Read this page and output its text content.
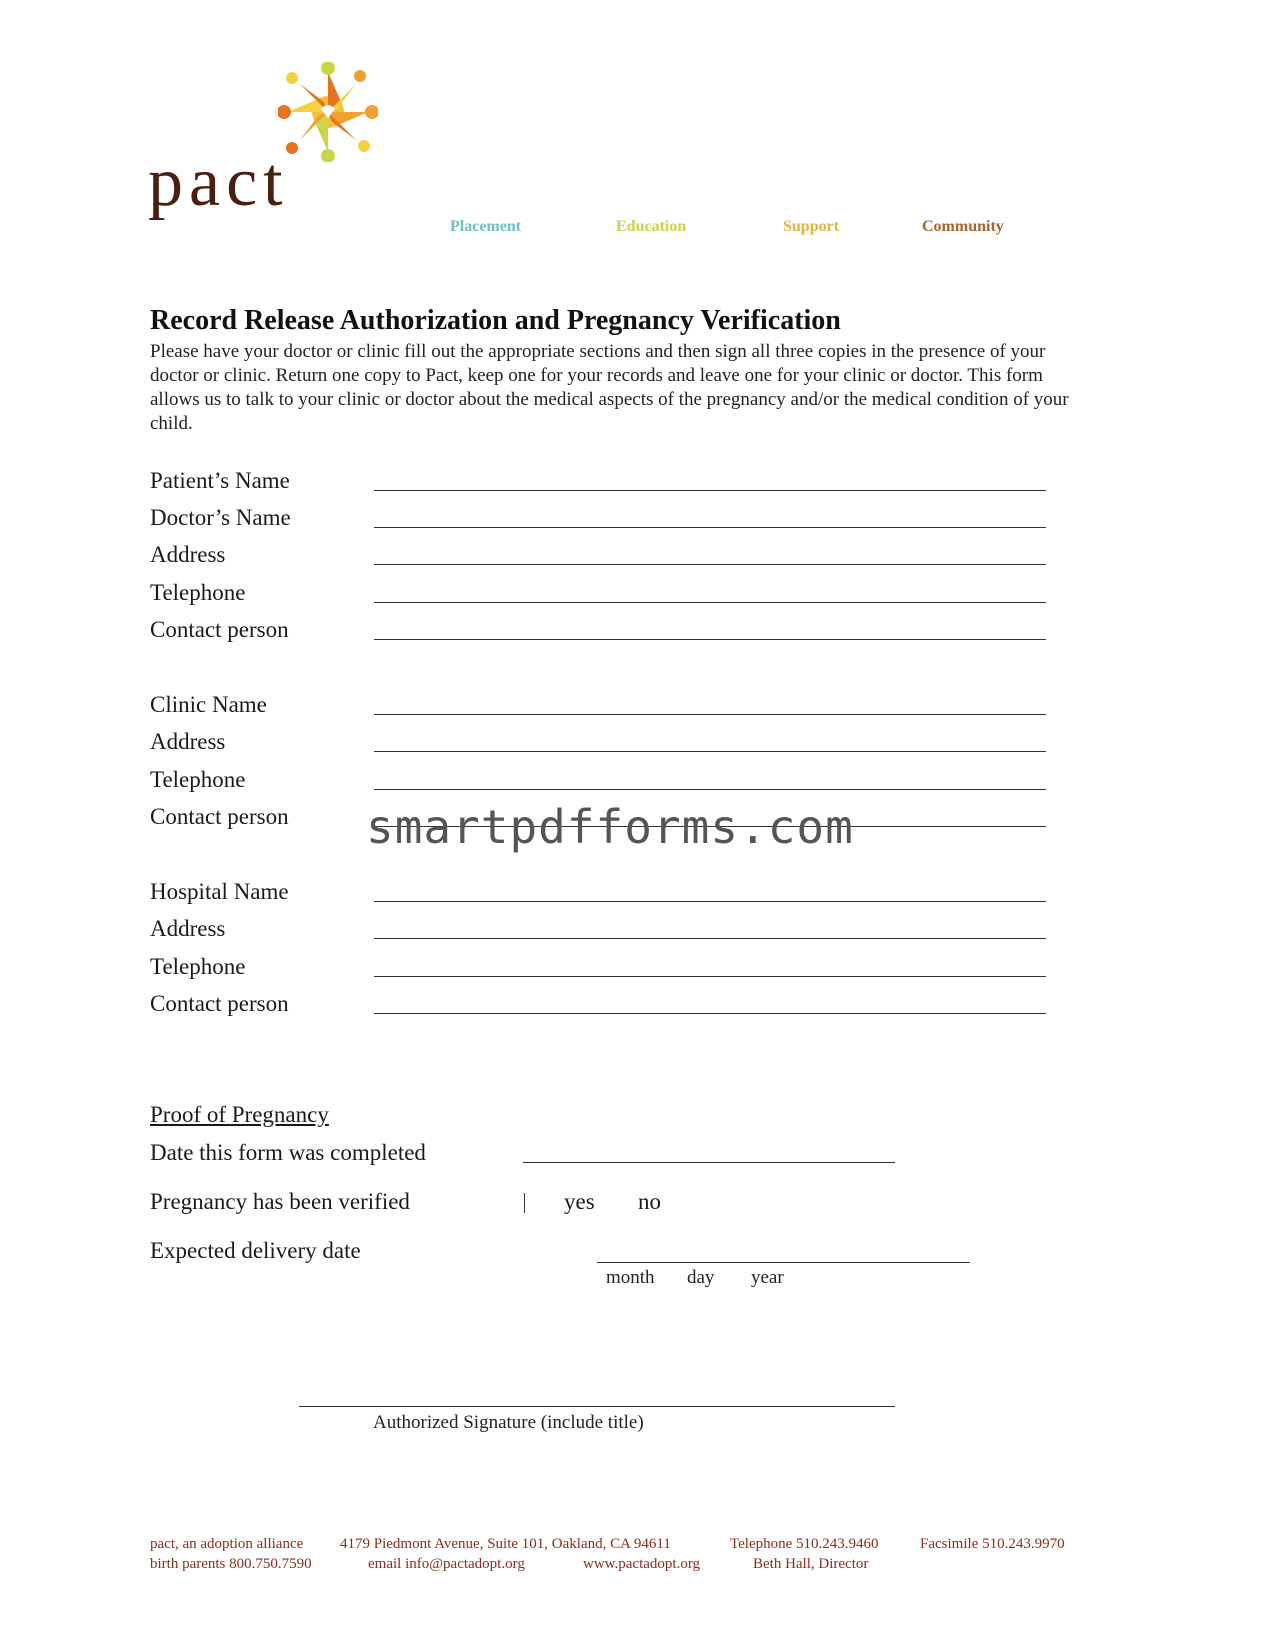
pact
Placement	Education	Support	Community
Record Release Authorization and Pregnancy Verification
Please have your doctor or clinic fill out the appropriate sections and then sign all three copies in the presence of your doctor or clinic. Return one copy to Pact, keep one for your records and leave one for your clinic or doctor. This form allows us to talk to your clinic or doctor about the medical aspects of the pregnancy and/or the medical condition of your child.
Patient’s Name
Doctor’s Name
Address
Telephone
Contact person
Clinic Name
Address
Telephone
Contact person smartpdfforms.com
Hospital Name
Address
Telephone
Contact person
Proof of Pregnancy
Date this form was completed
Pregnancy has been verified	yes no
Expected delivery date
month day year
Authorized Signature (include title)
pact, an adoption alliance 4179 Piedmont Avenue, Suite 101, Oakland, CA 94611	Telephone 510.243.9460	Facsimile 510.243.9970
birth parents 800.750.7590	email info@pactadopt.org	www.pactadopt.org	Beth Hall, Director
